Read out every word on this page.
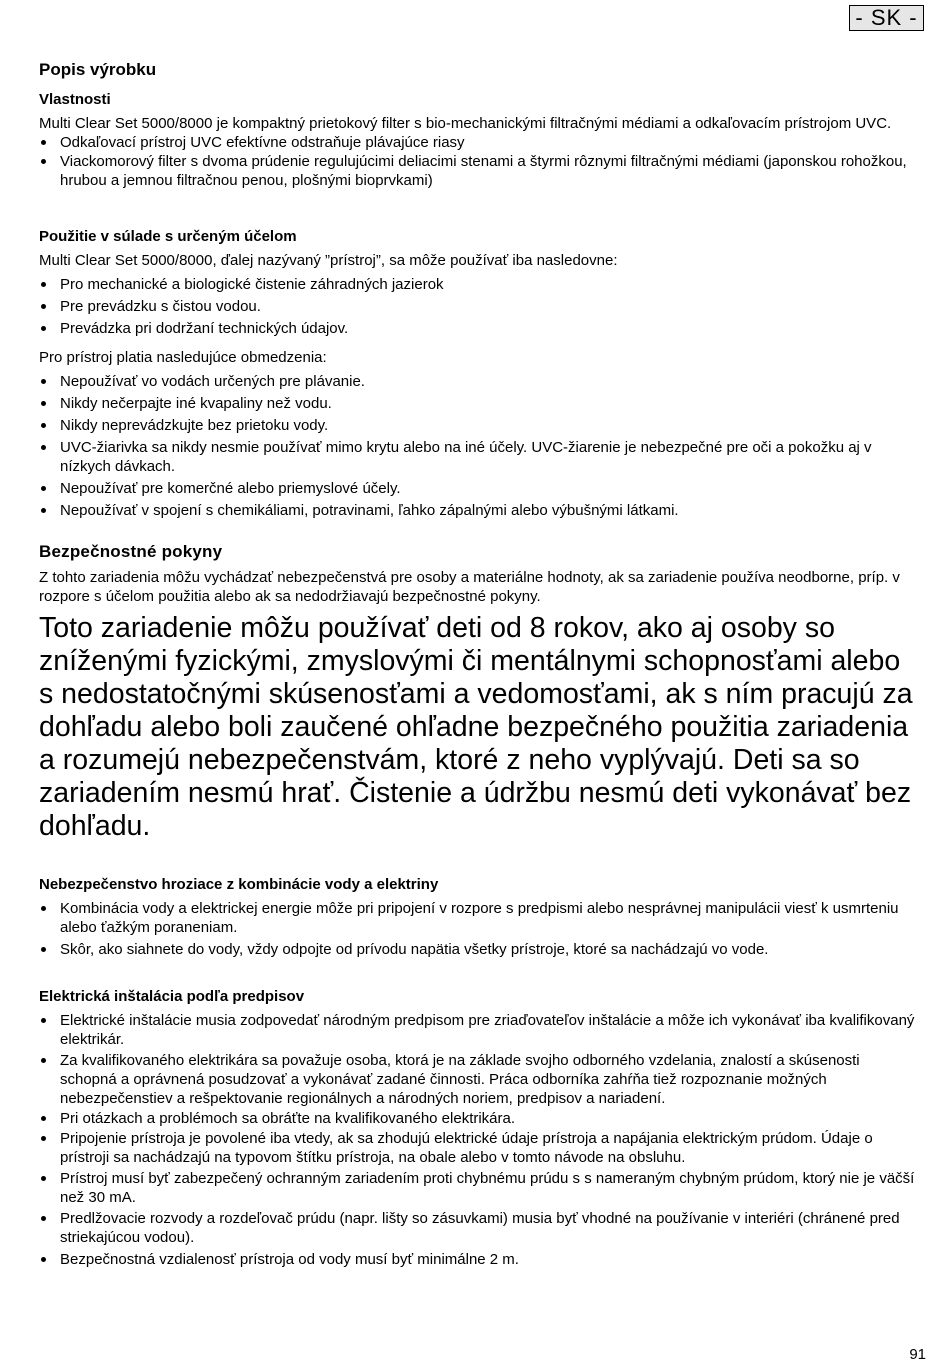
- SK -
Popis výrobku
Vlastnosti

Multi Clear Set 5000/8000 je kompaktný prietokový filter s bio-mechanickými filtračnými médiami a odkaľovacím prístrojom UVC.

Odkaľovací prístroj UVC efektívne odstraňuje plávajúce riasy
Viackomorový filter s dvoma prúdenie regulujúcimi deliacimi stenami a štyrmi rôznymi filtračnými médiami (japonskou rohožkou, hrubou a jemnou filtračnou penou, plošnými bioprvkami)
Použitie v súlade s určeným účelom

Multi Clear Set 5000/8000, ďalej nazývaný ”prístroj”, sa môže používať iba nasledovne:

Pro mechanické a biologické čistenie záhradných jazierok
Pre prevádzku s čistou vodou.
Prevádzka pri dodržaní technických údajov.

Pro prístroj platia nasledujúce obmedzenia:

Nepoužívať vo vodách určených pre plávanie.
Nikdy nečerpajte iné kvapaliny než vodu.
Nikdy neprevádzkujte bez prietoku vody.
UVC-žiarivka sa nikdy nesmie používať mimo krytu alebo na iné účely. UVC-žiarenie je nebezpečné pre oči a pokožku aj v nízkych dávkach.
Nepoužívať pre komerčné alebo priemyslové účely.
Nepoužívať v spojení s chemikáliami, potravinami, ľahko zápalnými alebo výbušnými látkami.
Bezpečnostné pokyny

Z tohto zariadenia môžu vychádzať nebezpečenstvá pre osoby a materiálne hodnoty, ak sa zariadenie používa neodborne, príp. v rozpore s účelom použitia alebo ak sa nedodržiavajú bezpečnostné pokyny.

Toto zariadenie môžu používať deti od 8 rokov, ako aj osoby so zníženými fyzickými, zmyslovými či mentálnymi schopnosťami alebo s nedostatočnými skúsenosťami a vedomosťami, ak s ním pracujú za dohľadu alebo boli zaučené ohľadne bezpečného použitia zariadenia a rozumejú nebezpečenstvám, ktoré z neho vyplývajú. Deti sa so zariadením nesmú hrať. Čistenie a údržbu nesmú deti vykonávať bez dohľadu.

Nebezpečenstvo hroziace z kombinácie vody a elektriny
Kombinácia vody a elektrickej energie môže pri pripojení v rozpore s predpismi alebo nesprávnej manipulácii viesť k usmrteniu alebo ťažkým poraneniam.
Skôr, ako siahnete do vody, vždy odpojte od prívodu napätia všetky prístroje, ktoré sa nachádzajú vo vode.
Elektrická inštalácia podľa predpisov
Elektrické inštalácie musia zodpovedať národným predpisom pre zriaďovateľov inštalácie a môže ich vykonávať iba kvalifikovaný elektrikár.
Za kvalifikovaného elektrikára sa považuje osoba, ktorá je na základe svojho odborného vzdelania, znalostí a skúsenosti schopná a oprávnená posudzovať a vykonávať zadané činnosti. Práca odborníka zahŕňa tiež rozpoznanie možných nebezpečenstiev a rešpektovanie regionálnych a národných noriem, predpisov a nariadení.
Pri otázkach a problémoch sa obráťte na kvalifikovaného elektrikára.
Pripojenie prístroja je povolené iba vtedy, ak sa zhodujú elektrické údaje prístroja a napájania elektrickým prúdom. Údaje o prístroji sa nachádzajú na typovom štítku prístroja, na obale alebo v tomto návode na obsluhu.
Prístroj musí byť zabezpečený ochranným zariadením proti chybnému prúdu s s nameraným chybným prúdom, ktorý nie je väčší než 30 mA.
Predlžovacie rozvody a rozdeľovač prúdu (napr. lišty so zásuvkami) musia byť vhodné na používanie v interiéri (chránené pred striekajúcou vodou).
Bezpečnostná vzdialenosť prístroja od vody musí byť minimálne 2 m.
91
